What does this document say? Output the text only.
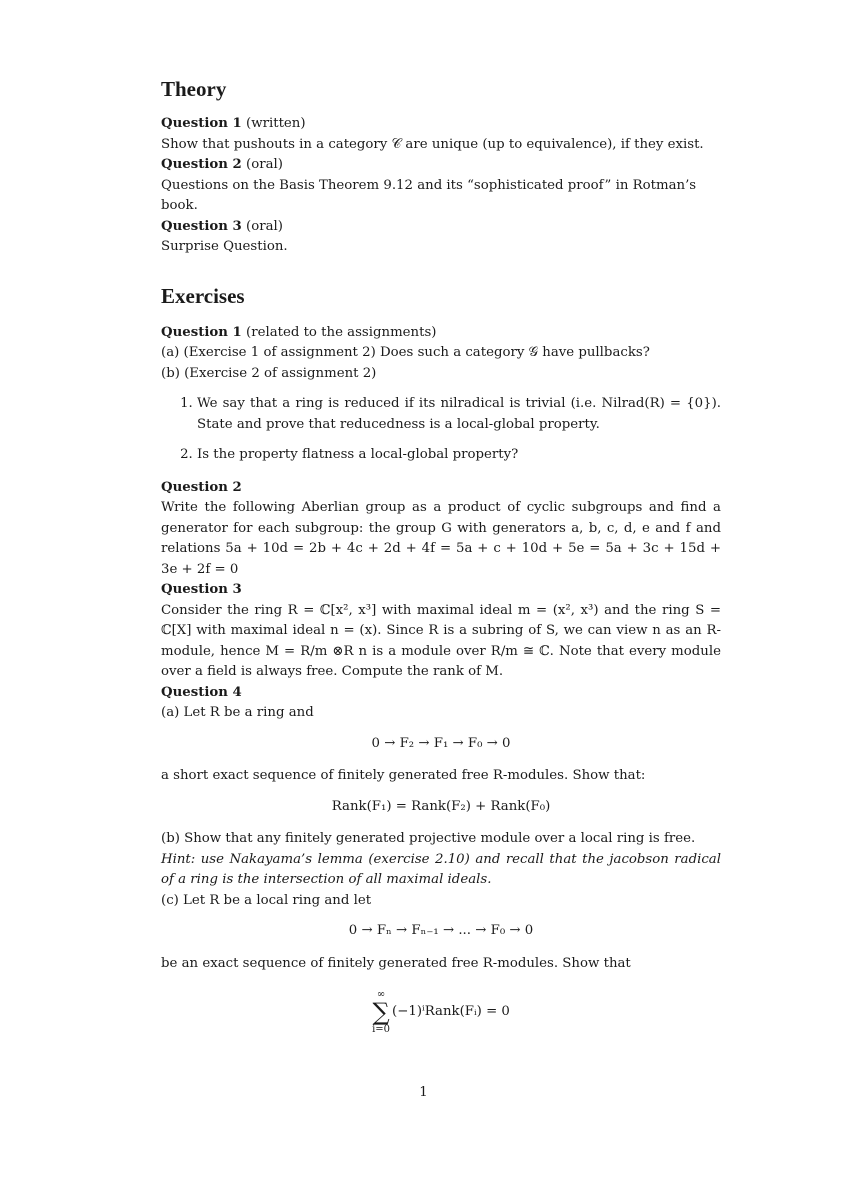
Theory

Question 1 (written)

Show that pushouts in a category 𝒞 are unique (up to equivalence), if they exist.

Question 2 (oral)

Questions on the Basis Theorem 9.12 and its “sophisticated proof” in Rotman’s book.

Question 3 (oral)

Surprise Question.

Exercises

Question 1 (related to the assignments)

(a) (Exercise 1 of assignment 2) Does such a category 𝒢 have pullbacks?

(b) (Exercise 2 of assignment 2)

1. We say that a ring is reduced if its nilradical is trivial (i.e. Nilrad(R) = {0}). State and prove that reducedness is a local-global property.
2. Is the property flatness a local-global property?

Question 2

Write the following Aberlian group as a product of cyclic subgroups and find a generator for each subgroup: the group G with generators a, b, c, d, e and f and relations 5a + 10d = 2b + 4c + 2d + 4f = 5a + c + 10d + 5e = 5a + 3c + 15d + 3e + 2f = 0

Question 3

Consider the ring R = ℂ[x², x³] with maximal ideal m = (x², x³) and the ring S = ℂ[X] with maximal ideal n = (x). Since R is a subring of S, we can view n as an R-module, hence M = R/m ⊗R n is a module over R/m ≅ ℂ. Note that every module over a field is always free. Compute the rank of M.

Question 4

(a) Let R be a ring and

0 → F₂ → F₁ → F₀ → 0

a short exact sequence of finitely generated free R-modules. Show that:

Rank(F₁) = Rank(F₂) + Rank(F₀)

(b) Show that any finitely generated projective module over a local ring is free.

Hint: use Nakayama’s lemma (exercise 2.10) and recall that the jacobson radical of a ring is the intersection of all maximal ideals.

(c) Let R be a local ring and let

0 → Fₙ → Fₙ₋₁ → ... → F₀ → 0

be an exact sequence of finitely generated free R-modules. Show that

∞
∑
i=0
(−1)ⁱRank(Fᵢ) = 0
1
